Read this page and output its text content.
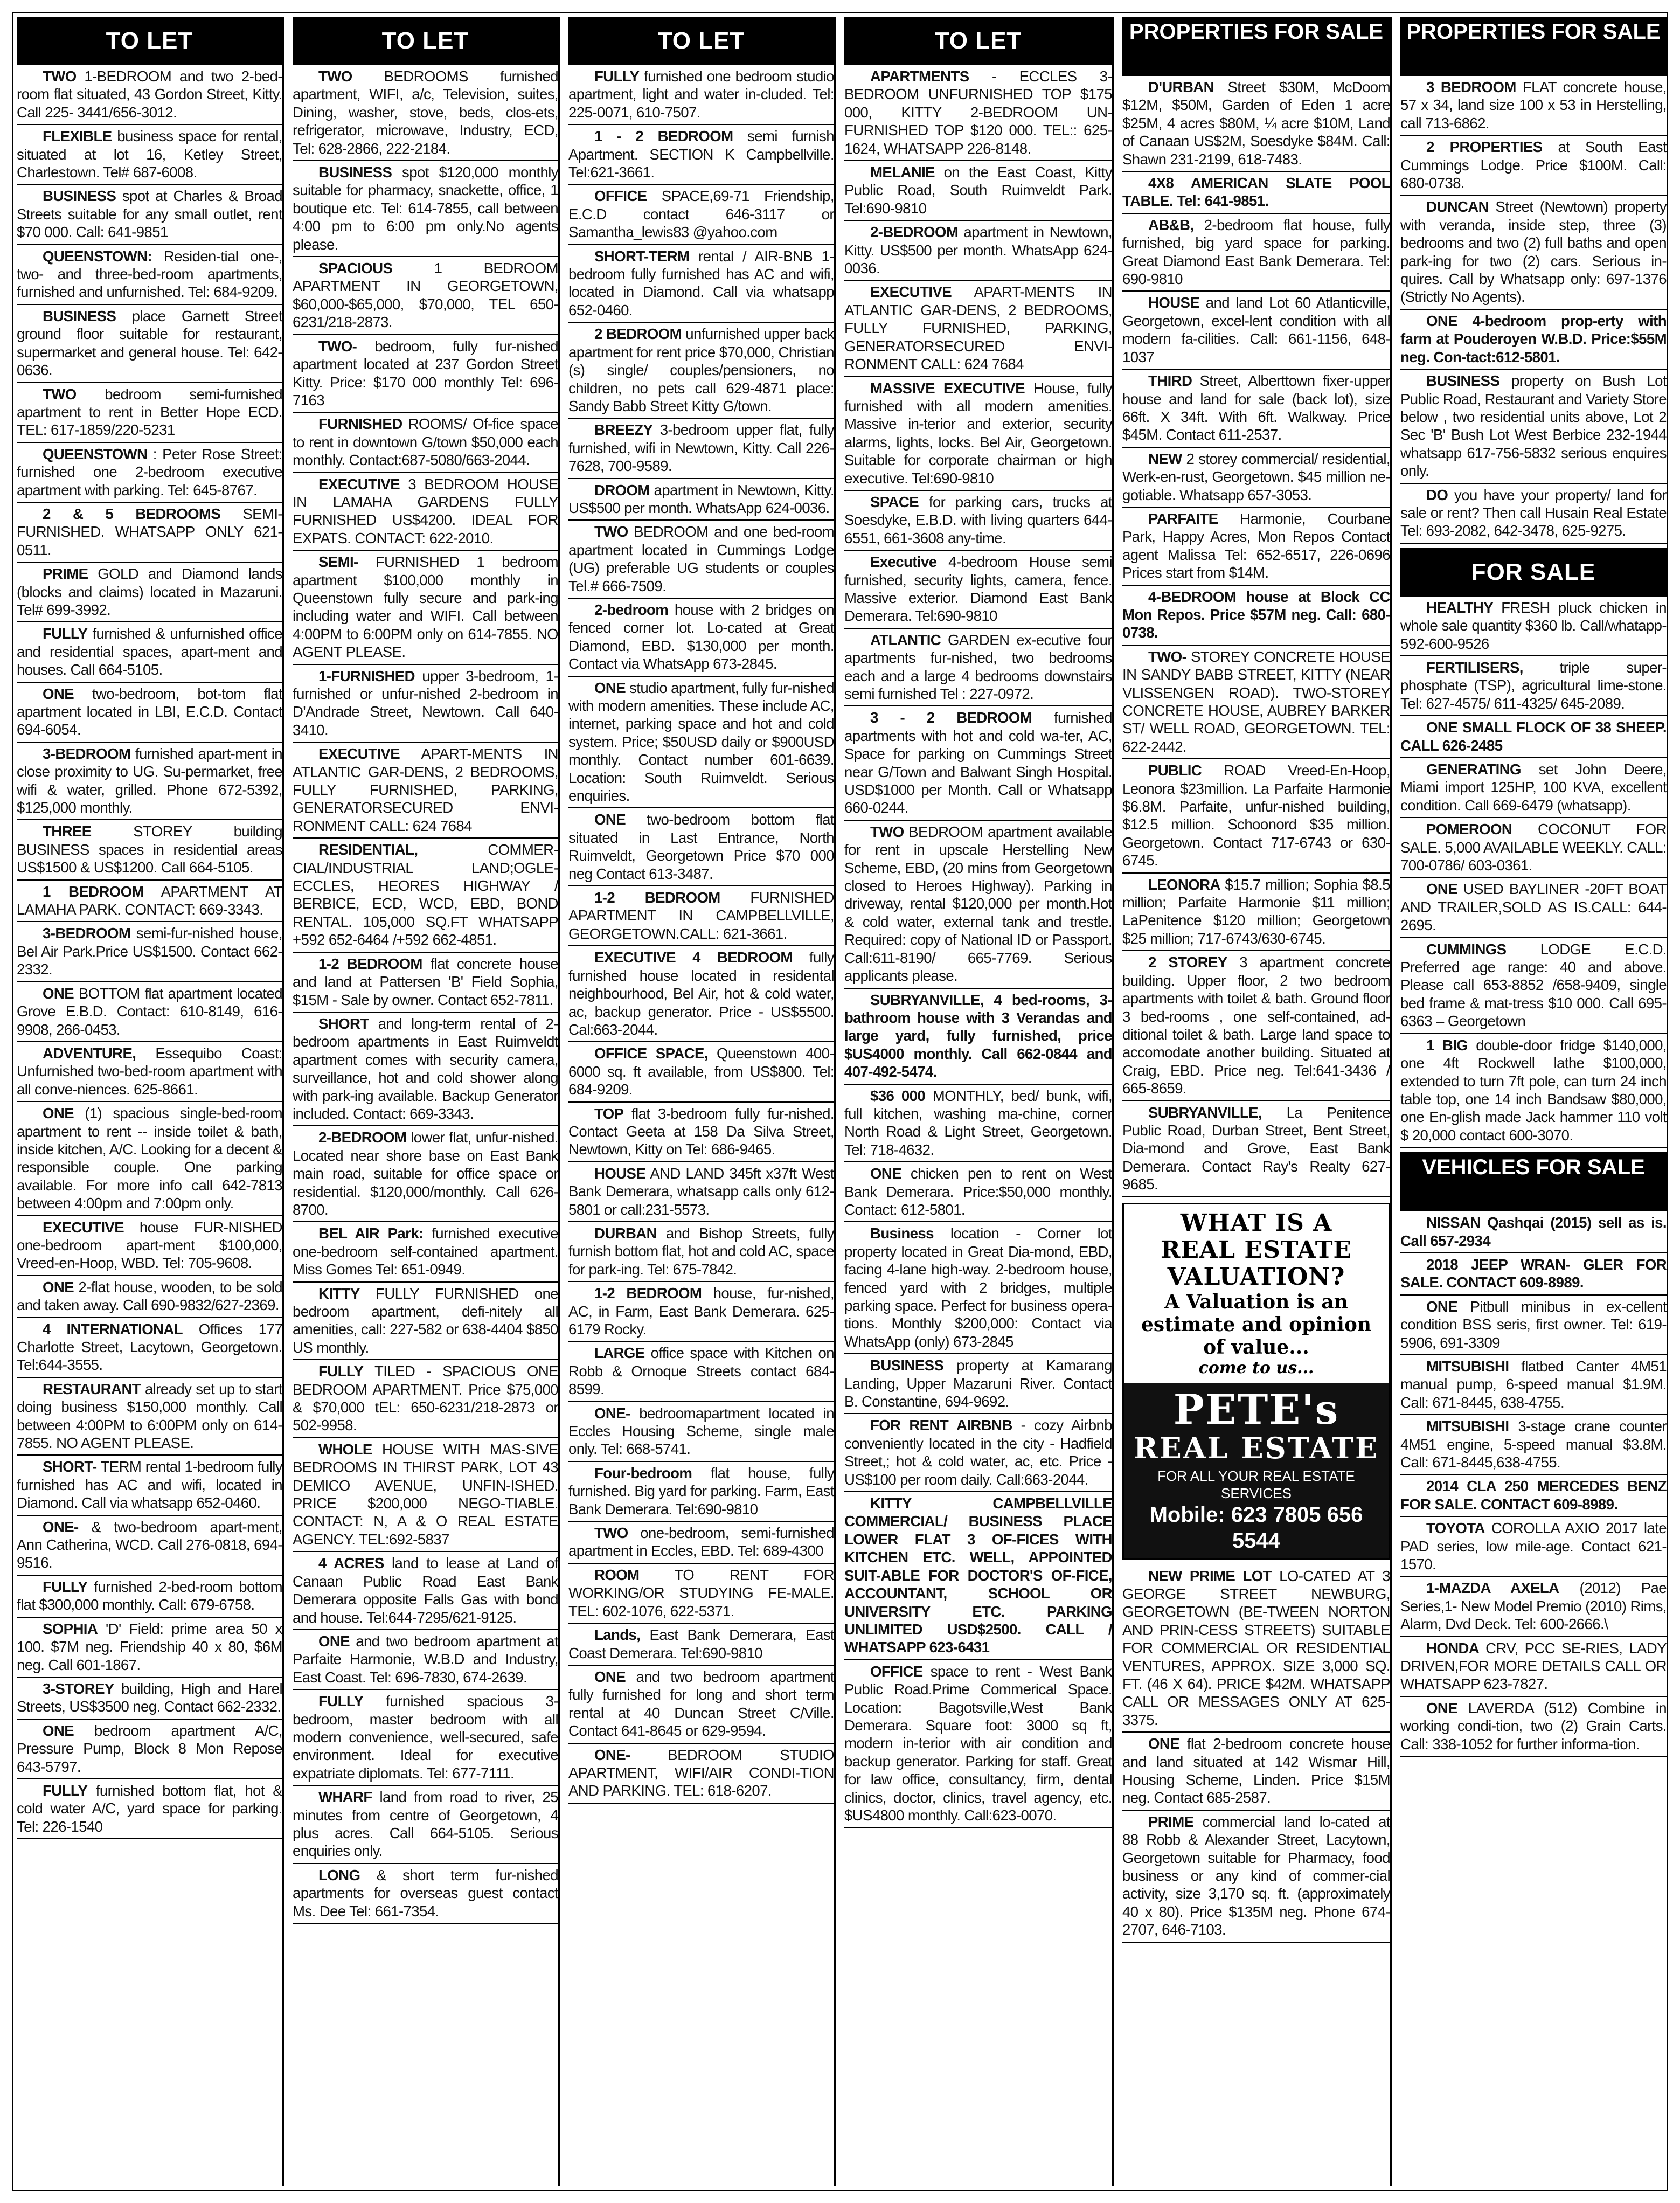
TO LET
TWO 1-BEDROOM and two 2-bed-room flat situated, 43 Gordon Street, Kitty. Call 225- 3441/656-3012.
FLEXIBLE business space for rental, situated at lot 16, Ketley Street, Charlestown. Tel# 687-6008.
BUSINESS spot at Charles & Broad Streets suitable for any small outlet, rent $70 000. Call: 641-9851
QUEENSTOWN: Residen-tial one-, two- and three-bed-room apartments, furnished and unfurnished. Tel: 684-9209.
BUSINESS place Garnett Street ground floor suitable for restaurant, supermarket and general house. Tel: 642-0636.
TWO bedroom semi-furnished apartment to rent in Better Hope ECD. TEL: 617-1859/220-5231
QUEENSTOWN : Peter Rose Street: furnished one 2-bedroom executive apartment with parking. Tel: 645-8767.
2 & 5 BEDROOMS SEMI-FURNISHED. WHATSAPP ONLY 621-0511.
PRIME GOLD and Diamond lands (blocks and claims) located in Mazaruni. Tel# 699-3992.
FULLY furnished & unfurnished office and residential spaces, apart-ment and houses. Call 664-5105.
ONE two-bedroom, bot-tom flat apartment located in LBI, E.C.D. Contact 694-6054.
3-BEDROOM furnished apart-ment in close proximity to UG. Su-permarket, free wifi & water, grilled. Phone 672-5392, $125,000 monthly.
THREE	STOREY building BUSINESS spaces in residential areas US$1500 & US$1200. Call 664-5105.
1 BEDROOM APARTMENT AT LAMAHA PARK. CONTACT: 669-3343.
3-BEDROOM semi-fur-nished house, Bel Air Park.Price US$1500. Contact 662-2332.
ONE BOTTOM flat apartment located Grove E.B.D. Contact: 610-8149, 616-9908, 266-0453.
ADVENTURE, Essequibo Coast: Unfurnished two-bed-room apartment with all conve-niences. 625-8661.
ONE (1) spacious single-bed-room apartment to rent -- inside toilet & bath, inside kitchen, A/C. Looking for a decent & responsible couple. One parking available. For more info call 642-7813 between 4:00pm and 7:00pm only.
EXECUTIVE house FUR-NISHED one-bedroom apart-ment $100,000, Vreed-en-Hoop, WBD. Tel: 705-9608.
ONE 2-flat house, wooden, to be sold and taken away. Call 690-9832/627-2369.
4 INTERNATIONAL Offices 177 Charlotte Street, Lacytown, Georgetown. Tel:644-3555.
RESTAURANT already set up to start doing business $150,000 monthly. Call between 4:00PM to 6:00PM only on 614-7855. NO AGENT PLEASE.
SHORT- TERM rental 1-bedroom fully furnished has AC and wifi, located in Diamond. Call via whatsapp 652-0460.
ONE- & two-bedroom apart-ment, Ann Catherina, WCD. Call 276-0818, 694-9516.
FULLY furnished 2-bed-room bottom flat $300,000 monthly. Call: 679-6758.
SOPHIA 'D' Field: prime area 50 x 100. $7M neg. Friendship 40 x 80, $6M neg. Call 601-1867.
3-STOREY building, High and Harel Streets, US$3500 neg. Contact 662-2332.
ONE bedroom apartment A/C, Pressure Pump, Block 8 Mon Repose 643-5797.
FULLY furnished bottom flat, hot & cold water A/C, yard space for parking. Tel: 226-1540
TO LET
TWO BEDROOMS furnished apartment, WIFI, a/c, Television, suites, Dining, washer, stove, beds, clos-ets, refrigerator, microwave, Industry, ECD, Tel: 628-2866, 222-2184.
BUSINESS spot $120,000 monthly suitable for pharmacy, snackette, office, 1 boutique etc. Tel: 614-7855, call between 4:00 pm to 6:00 pm only.No agents please.
SPACIOUS	1 BEDROOM APARTMENT IN GEORGETOWN, $60,000-$65,000, $70,000, TEL 650-6231/218-2873.
TWO- bedroom, fully fur-nished apartment located at 237 Gordon Street Kitty. Price: $170 000 monthly Tel: 696-7163
FURNISHED ROOMS/ Of-fice space to rent in downtown G/town $50,000 each monthly. Contact:687-5080/663-2044.
EXECUTIVE 3 BEDROOM HOUSE IN LAMAHA GARDENS FULLY FURNISHED US$4200. IDEAL FOR EXPATS. CONTACT: 622-2010.
SEMI- FURNISHED 1 bedroom apartment $100,000 monthly in Queenstown fully secure and park-ing including water and WIFI. Call between 4:00PM to 6:00PM only on 614-7855. NO AGENT PLEASE.
1-FURNISHED upper 3-bedroom, 1-furnished or unfur-nished 2-bedroom in D'Andrade Street, Newtown. Call 640-3410.
EXECUTIVE APART-MENTS IN ATLANTIC GAR-DENS, 2 BEDROOMS, FULLY FURNISHED, PARKING, GENERATORSECURED ENVI-RONMENT CALL: 624 7684
RESIDENTIAL,	COMMER-CIAL/INDUSTRIAL LAND;OGLE-ECCLES, HEORES HIGHWAY / BERBICE, ECD, WCD, EBD, BOND RENTAL. 105,000 SQ.FT WHATSAPP +592 652-6464 /+592 662-4851.
1-2 BEDROOM flat concrete house and land at Pattersen 'B' Field Sophia, $15M - Sale by owner. Contact 652-7811.
SHORT and long-term rental of 2-bedroom apartments in East Ruimveldt apartment comes with security camera, surveillance, hot and cold shower along with park-ing available. Backup Generator included. Contact: 669-3343.
2-BEDROOM lower flat, unfur-nished. Located near shore base on East Bank main road, suitable for office space or residential. $120,000/monthly. Call 626-8700.
BEL AIR Park: furnished executive one-bedroom self-contained apartment. Miss Gomes Tel: 651-0949.
KITTY FULLY FURNISHED one bedroom apartment, defi-nitely all amenities, call: 227-582 or 638-4404 $850 US monthly.
FULLY TILED - SPACIOUS ONE BEDROOM APARTMENT. Price $75,000 & $70,000 tEL: 650-6231/218-2873 or 502-9958.
WHOLE HOUSE WITH MAS-SIVE BEDROOMS IN THIRST PARK, LOT 43 DEMICO AVENUE, UNFIN-ISHED. PRICE $200,000 NEGO-TIABLE. CONTACT: N, A & O REAL ESTATE AGENCY. TEL:692-5837
4 ACRES land to lease at Land of Canaan Public Road East Bank Demerara opposite Falls Gas with bond and house. Tel:644-7295/621-9125.
ONE and two bedroom apartment at Parfaite Harmonie, W.B.D and Industry, East Coast. Tel: 696-7830, 674-2639.
FULLY furnished spacious 3-bedroom, master bedroom with all modern convenience, well-secured, safe environment. Ideal for executive expatriate diplomats. Tel: 677-7111.
WHARF land from road to river, 25 minutes from centre of Georgetown, 4 plus acres. Call 664-5105. Serious enquiries only.
LONG & short term fur-nished apartments for overseas guest contact Ms. Dee Tel: 661-7354.
TO LET
FULLY furnished one bedroom studio apartment, light and water in-cluded. Tel: 225-0071, 610-7507.
1 - 2 BEDROOM semi furnish Apartment. SECTION K Campbellville. Tel:621-3661.
OFFICE SPACE,69-71 Friendship, E.C.D contact 646-3117 or Samantha_lewis83 @yahoo.com
SHORT-TERM rental / AIR-BNB 1-bedroom fully furnished has AC and wifi, located in Diamond. Call via whatsapp 652-0460.
2 BEDROOM unfurnished upper back apartment for rent price $70,000, Christian (s) single/ couples/pensioners, no children, no pets call 629-4871 place: Sandy Babb Street Kitty G/town.
BREEZY 3-bedroom upper flat, fully furnished, wifi in Newtown, Kitty. Call 226-7628, 700-9589.
DROOM apartment in Newtown, Kitty. US$500 per month. WhatsApp 624-0036.
TWO BEDROOM and one bed-room apartment located in Cummings Lodge (UG) preferable UG students or couples Tel.# 666-7509.
2-bedroom house with 2 bridges on fenced corner lot. Lo-cated at Great Diamond, EBD. $130,000 per month. Contact via WhatsApp 673-2845.
ONE studio apartment, fully fur-nished with modern amenities. These include AC, internet, parking space and hot and cold system. Price; $50USD daily or $900USD monthly. Contact number 601-6639. Location: South Ruimveldt. Serious enquiries.
ONE two-bedroom bottom flat situated in Last Entrance, North Ruimveldt, Georgetown Price $70 000 neg Contact 613-3487.
1-2 BEDROOM FURNISHED APARTMENT IN CAMPBELLVILLE, GEORGETOWN.CALL: 621-3661.
EXECUTIVE 4 BEDROOM fully furnished house located in residental neighbourhood, Bel Air, hot & cold water, ac, backup generator. Price - US$5500. Cal:663-2044.
OFFICE SPACE, Queenstown 400-6000 sq. ft available, from US$800. Tel: 684-9209.
TOP flat 3-bedroom fully fur-nished. Contact Geeta at 158 Da Silva Street, Newtown, Kitty on Tel: 686-9465.
HOUSE AND LAND 345ft x37ft West Bank Demerara, whatsapp calls only 612-5801 or call:231-5573.
DURBAN and Bishop Streets, fully furnish bottom flat, hot and cold AC, space for park-ing. Tel: 675-7842.
1-2 BEDROOM house, fur-nished, AC, in Farm, East Bank Demerara. 625-6179 Rocky.
LARGE office space with Kitchen on Robb & Ornoque Streets contact 684-8599.
ONE- bedroomapartment located in Eccles Housing Scheme, single male only. Tel: 668-5741.
Four-bedroom flat house, fully furnished. Big yard for parking. Farm, East Bank Demerara. Tel:690-9810
TWO one-bedroom, semi-furnished apartment in Eccles, EBD. Tel: 689-4300
ROOM TO RENT FOR WORKING/OR STUDYING FE-MALE. TEL: 602-1076, 622-5371.
Lands, East Bank Demerara, East Coast Demerara. Tel:690-9810
ONE and two bedroom apartment fully furnished for long and short term rental at 40 Duncan Street C/Ville. Contact 641-8645 or 629-9594.
ONE-	BEDROOM STUDIO APARTMENT, WIFI/AIR CONDI-TION AND PARKING. TEL: 618-6207.
TO LET
APARTMENTS - ECCLES 3-BEDROOM UNFURNISHED TOP $175 000, KITTY 2-BEDROOM UN-FURNISHED TOP $120 000. TEL:: 625-1624, WHATSAPP 226-8148.
MELANIE on the East Coast, Kitty Public Road, South Ruimveldt Park. Tel:690-9810
2-BEDROOM apartment in Newtown, Kitty. US$500 per month. WhatsApp 624-0036.
EXECUTIVE APART-MENTS IN ATLANTIC GAR-DENS, 2 BEDROOMS, FULLY FURNISHED, PARKING, GENERATORSECURED ENVI-RONMENT CALL: 624 7684
MASSIVE EXECUTIVE House, fully furnished with all modern amenities. Massive in-terior and exterior, security alarms, lights, locks. Bel Air, Georgetown. Suitable for corporate chairman or high executive. Tel:690-9810
SPACE for parking cars, trucks at Soesdyke, E.B.D. with living quarters 644-6551, 661-3608 any-time.
Executive 4-bedroom House semi furnished, security lights, camera, fence. Massive exterior. Diamond East Bank Demerara. Tel:690-9810
ATLANTIC GARDEN ex-ecutive four apartments fur-nished, two bedrooms each and a large 4 bedrooms downstairs semi furnished Tel : 227-0972.
3 - 2 BEDROOM furnished apartments with hot and cold wa-ter, AC, Space for parking on Cummings Street near G/Town and Balwant Singh Hospital. USD$1000 per Month. Call or Whatsapp 660-0244.
TWO BEDROOM apartment available for rent in upscale Herstelling New Scheme, EBD, (20 mins from Georgetown closed to Heroes Highway). Parking in driveway, rental $120,000 per month.Hot & cold water, external tank and trestle. Required: copy of National ID or Passport. Call:611-8190/ 665-7769. Serious applicants please.
SUBRYANVILLE, 4 bed-rooms, 3-bathroom house with 3 Verandas and large yard, fully furnished, price $US4000 monthly. Call 662-0844 and 407-492-5474.
$36 000 MONTHLY, bed/ bunk, wifi, full kitchen, washing ma-chine, corner North Road & Light Street, Georgetown. Tel: 718-4632.
ONE chicken pen to rent on West Bank Demerara. Price:$50,000 monthly. Contact: 612-5801.
Business location - Corner lot property located in Great Dia-mond, EBD, facing 4-lane high-way. 2-bedroom house, fenced yard with 2 bridges, multiple parking space. Perfect for business opera-tions. Monthly $200,000: Contact via WhatsApp (only) 673-2845
BUSINESS property at Kamarang Landing, Upper Mazaruni River. Contact B. Constantine, 694-9692.
FOR RENT AIRBNB - cozy Airbnb conveniently located in the city - Hadfield Street,; hot & cold water, ac, etc. Price - US$100 per room daily. Call:663-2044.
KITTY CAMPBELLVILLE COMMERCIAL/ BUSINESS PLACE LOWER FLAT 3 OF-FICES WITH KITCHEN ETC. WELL, APPOINTED SUIT-ABLE FOR DOCTOR'S OF-FICE, ACCOUNTANT, SCHOOL OR UNIVERSITY ETC. PARKING UNLIMITED USD$2500. CALL / WHATSAPP 623-6431
OFFICE space to rent - West Bank Public Road.Prime Commerical Space. Location: Bagotsville,West Bank Demerara. Square foot: 3000 sq ft, modern in-terior with air condition and backup generator. Parking for staff. Great for law office, consultancy, firm, dental clinics, doctor, clinics, travel agency, etc. $US4800 monthly. Call:623-0070.
PROPERTIES FOR SALE
D'URBAN Street $30M, McDoom $12M, $50M, Garden of Eden 1 acre $25M, 4 acres $80M, ¼ acre $10M, Land of Canaan US$2M, Soesdyke $84M. Call: Shawn 231-2199, 618-7483.
4X8 AMERICAN SLATE POOL TABLE. Tel: 641-9851.
AB&B, 2-bedroom flat house, fully furnished, big yard space for parking. Great Diamond East Bank Demerara. Tel: 690-9810
HOUSE and land Lot 60 Atlanticville, Georgetown, excel-lent condition with all modern fa-cilities. Call: 661-1156, 648-1037
THIRD Street, Alberttown fixer-upper house and land for sale (back lot), size 66ft. X 34ft. With 6ft. Walkway. Price $45M. Contact 611-2537.
NEW 2 storey commercial/ residential, Werk-en-rust, Georgetown. $45 million ne-gotiable. Whatsapp 657-3053.
PARFAITE Harmonie, Courbane Park, Happy Acres, Mon Repos Contact agent Malissa Tel: 652-6517, 226-0696 Prices start from $14M.
4-BEDROOM house at Block CC Mon Repos. Price $57M neg. Call: 680-0738.
TWO- STOREY CONCRETE HOUSE IN SANDY BABB STREET, KITTY (NEAR VLISSENGEN ROAD). TWO-STOREY CONCRETE HOUSE, AUBREY BARKER ST/ WELL ROAD, GEORGETOWN. TEL: 622-2442.
PUBLIC ROAD Vreed-En-Hoop, Leonora $23million. La Parfaite Harmonie $6.8M. Parfaite, unfur-nished building, $12.5 million. Schoonord $35 million. Georgetown. Contact 717-6743 or 630-6745.
LEONORA $15.7 million; Sophia $8.5 million; Parfaite Harmonie $11 million; LaPenitence $120 million; Georgetown $25 million; 717-6743/630-6745.
2 STOREY 3 apartment concrete building. Upper floor, 2 two bedroom apartments with toilet & bath. Ground floor 3 bed-rooms , one self-contained, ad-ditional toilet & bath. Large land space to accomodate another building. Situated at Craig, EBD. Price neg. Tel:641-3436 / 665-8659.
SUBRYANVILLE, La Penitence Public Road, Durban Street, Bent Street, Dia-mond and Grove, East Bank Demerara. Contact Ray's Realty 627-9685.
WHAT IS A
REAL ESTATE
VALUATION?
A Valuation is an estimate and opinion of value...
come to us...
PETE's
REAL ESTATE
FOR ALL YOUR REAL ESTATE SERVICES
Mobile: 623 7805 656 5544
NEW PRIME LOT LO-CATED AT 3 GEORGE STREET NEWBURG, GEORGETOWN (BE-TWEEN NORTON AND PRIN-CESS STREETS) SUITABLE FOR COMMERCIAL OR RESIDENTIAL VENTURES, APPROX. SIZE 3,000 SQ. FT. (46 X 64). PRICE $42M. WHATSAPP CALL OR MESSAGES ONLY AT 625-3375.
ONE flat 2-bedroom concrete house and land situated at 142 Wismar Hill, Housing Scheme, Linden. Price $15M neg. Contact 685-2587.
PRIME commercial land lo-cated at 88 Robb & Alexander Street, Lacytown, Georgetown suitable for Pharmacy, food business or any kind of commer-cial activity, size 3,170 sq. ft. (approximately 40 x 80). Price $135M neg. Phone 674-2707, 646-7103.
PROPERTIES FOR SALE
3 BEDROOM FLAT concrete house, 57 x 34, land size 100 x 53 in Herstelling, call 713-6862.
2 PROPERTIES at South East Cummings Lodge. Price $100M. Call: 680-0738.
DUNCAN Street (Newtown) property with veranda, inside step, three (3) bedrooms and two (2) full baths and open park-ing for two (2) cars. Serious in-quires. Call by Whatsapp only: 697-1376 (Strictly No Agents).
ONE 4-bedroom prop-erty with farm at Pouderoyen W.B.D. Price:$55M neg. Con-tact:612-5801.
BUSINESS property on Bush Lot Public Road, Restaurant and Variety Store below , two residential units above, Lot 2 Sec 'B' Bush Lot West Berbice 232-1944 whatsapp 617-756-5832 serious enquires only.
DO you have your property/ land for sale or rent? Then call Husain Real Estate Tel: 693-2082, 642-3478, 625-9275.
FOR SALE
HEALTHY FRESH pluck chicken in whole sale quantity $360 lb. Call/whatapp- 592-600-9526
FERTILISERS, triple super-phosphate (TSP), agricultural lime-stone. Tel: 627-4575/ 611-4325/ 645-2089.
ONE SMALL FLOCK OF 38 SHEEP. CALL 626-2485
GENERATING set John Deere, Miami import 125HP, 100 KVA, excellent condition. Call 669-6479 (whatsapp).
POMEROON COCONUT FOR SALE. 5,000 AVAILABLE WEEKLY. CALL: 700-0786/ 603-0361.
ONE USED BAYLINER -20FT BOAT AND TRAILER,SOLD AS IS.CALL: 644-2695.
CUMMINGS LODGE E.C.D. Preferred age range: 40 and above. Please call 653-8852 /658-9409, single bed frame & mat-tress $10 000. Call 695-6363 – Georgetown
1 BIG double-door fridge $140,000, one 4ft Rockwell lathe $100,000, extended to turn 7ft pole, can turn 24 inch table top, one 14 inch Bandsaw $80,000, one En-glish made Jack hammer 110 volt $ 20,000 contact 600-3070.
VEHICLES FOR SALE
NISSAN Qashqai (2015) sell as is. Call 657-2934
2018 JEEP WRAN- GLER FOR SALE. CONTACT 609-8989.
ONE Pitbull minibus in ex-cellent condition BSS seris, first owner. Tel: 619-5906, 691-3309
MITSUBISHI flatbed Canter 4M51 manual pump, 6-speed manual $1.9M. Call: 671-8445, 638-4755.
MITSUBISHI 3-stage crane counter 4M51 engine, 5-speed manual $3.8M. Call: 671-8445,638-4755.
2014 CLA 250 MERCEDES BENZ FOR SALE. CONTACT 609-8989.
TOYOTA COROLLA AXIO 2017 late PAD series, low mile-age. Contact 621-1570.
1-MAZDA AXELA (2012) Pae Series,1- New Model Premio (2010) Rims, Alarm, Dvd Deck. Tel: 600-2666.\
HONDA CRV, PCC SE-RIES, LADY DRIVEN,FOR MORE DETAILS CALL OR WHATSAPP 623-7827.
ONE LAVERDA (512) Combine in working condi-tion, two (2) Grain Carts. Call: 338-1052 for further informa-tion.
